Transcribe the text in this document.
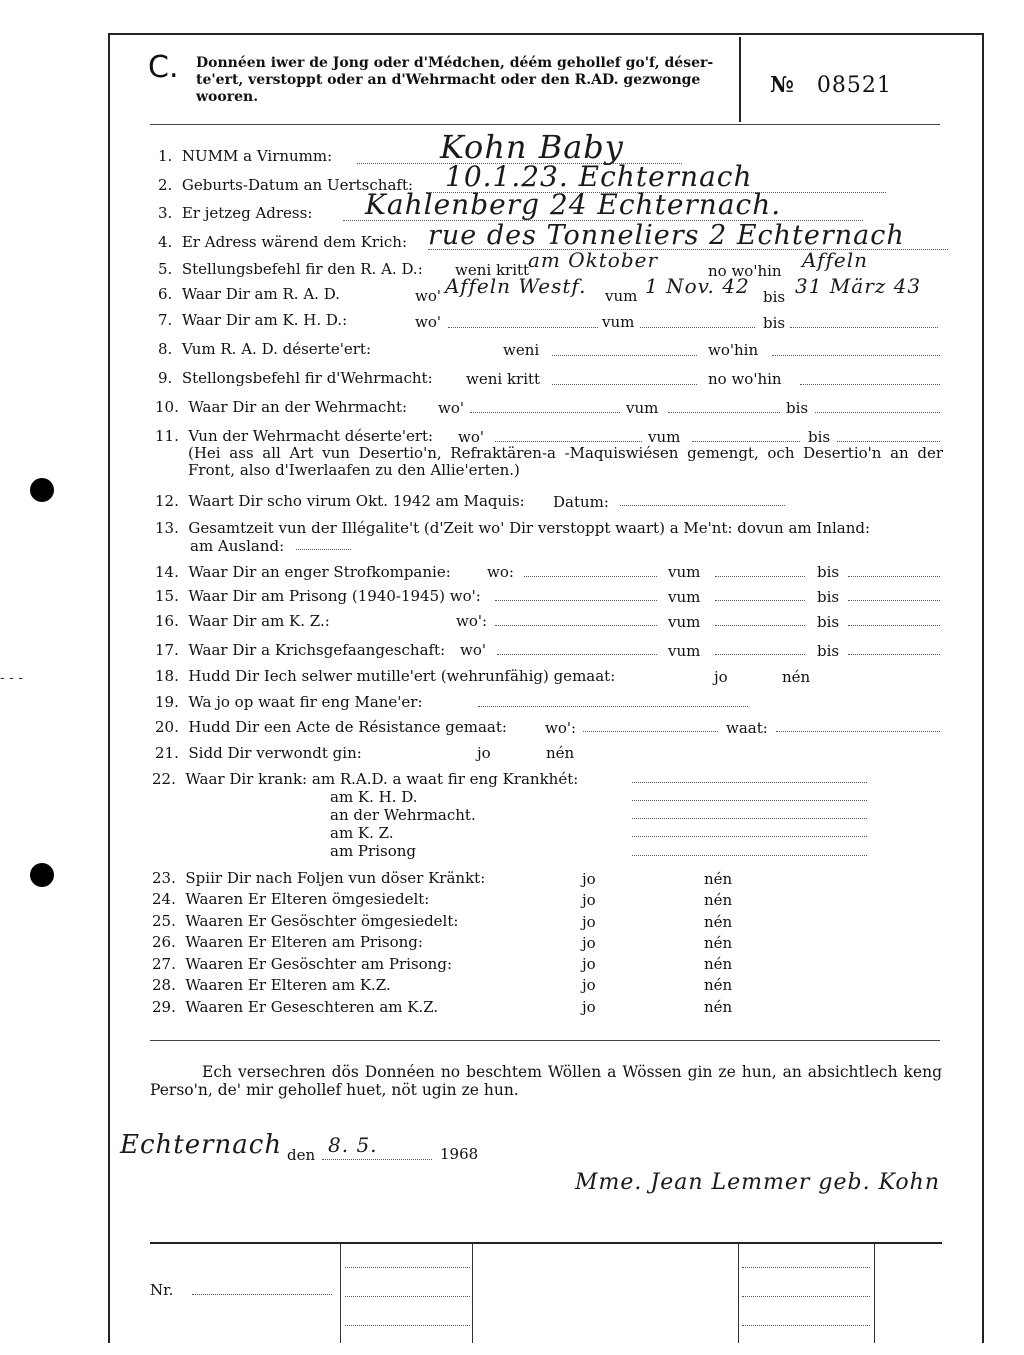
- - -
C. Donnéen iwer de Jong oder d'Médchen, déém gehollef go'f, déser-te'ert, verstoppt oder an d'Wehrmacht oder den R.AD. gezwonge wooren.	№ 08521
1. NUMM a Virnumm:	Kohn Baby
2. Geburts-Datum an Uertschaft: 10.1.23. Echternach
3. Er jetzeg Adress: Kahlenberg 24 Echternach.
4. Er Adress wärend dem Krich: rue des Tonneliers 2 Echternach
5. Stellungsbefehl fir den R. A. D.: weni kritt
am Oktober	no wo'hin Affeln
6. Waar Dir am R. A. D.	wo' Affeln Westf. vum 1 Nov. 42 bis 31 März 43
7. Waar Dir am K. H. D.:	wo'	vum	bis
8. Vum R. A. D. déserte'ert:	weni	wo'hin
9. Stellongsbefehl fir d'Wehrmacht: weni kritt	no wo'hin
10. Waar Dir an der Wehrmacht: wo'	vum	bis
11. Vun der Wehrmacht déserte'ert: wo'	vum	bis
(Hei ass all Art vun Desertio'n, Refraktären-a -Maquiswiésen gemengt, och Desertio'n an der Front, also d'Iwerlaafen zu den Allie'erten.)
12. Waart Dir scho virum Okt. 1942 am Maquis: Datum:
13. Gesamtzeit vun der Illégalite't (d'Zeit wo' Dir verstoppt waart) a Me'nt: dovun am Inland:
am Ausland:
14. Waar Dir an enger Strofkompanie: wo:	vum	bis
15. Waar Dir am Prisong (1940-1945) wo':	vum	bis
16. Waar Dir am K. Z.:	wo':	vum	bis
17. Waar Dir a Krichsgefaangeschaft: wo'	vum	bis
18. Hudd Dir Iech selwer mutille'ert (wehrunfähig) gemaat:	jo	nén
19. Wa jo op waat fir eng Mane'er:
20. Hudd Dir een Acte de Résistance gemaat:	wo':	waat:
21. Sidd Dir verwondt gin:	jo	nén
22. Waar Dir krank: am R.A.D. a waat fir eng Krankhét:
am K. H. D.
an der Wehrmacht.
am K. Z.
am Prisong
23. Spiir Dir nach Foljen vun döser Kränkt:	jo	nén
24. Waaren Er Elteren ömgesiedelt:	jo	nén
25. Waaren Er Gesöschter ömgesiedelt:	jo	nén
26. Waaren Er Elteren am Prisong:	jo	nén
27. Waaren Er Gesöschter am Prisong:	jo	nén
28. Waaren Er Elteren am K.Z.	jo	nén
29. Waaren Er Geseschteren am K.Z.	jo	nén
Ech versechren dös Donnéen no beschtem Wöllen a Wössen gin ze hun, an absichtlech keng Perso'n, de' mir gehollef huet, nöt ugin ze hun.
Echternach den 8. 5.	1968
Mme. Jean Lemmer geb. Kohn
Nr.
